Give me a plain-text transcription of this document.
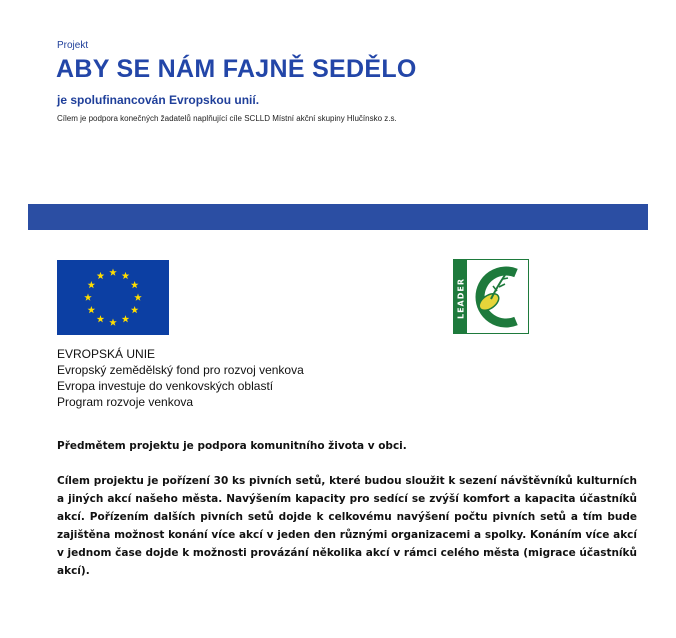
Projekt
ABY SE NÁM FAJNĚ SEDĚLO
je spolufinancován Evropskou unií.
Cílem je podpora konečných žadatelů naplňující cíle SCLLD Místní akční skupiny Hlučínsko z.s.
LEADER
EVROPSKÁ UNIE
Evropský zemědělský fond pro rozvoj venkova
Evropa investuje do venkovských oblastí
Program rozvoje venkova
Předmětem projektu je podpora komunitního života v obci.
Cílem projektu je pořízení 30 ks pivních setů, které budou sloužit k sezení návštěvníků kulturních a jiných akcí našeho města. Navýšením kapacity pro sedící se zvýší komfort a kapacita účastníků akcí. Pořízením dalších pivních setů dojde k celkovému navýšení počtu pivních setů a tím bude zajištěna možnost konání více akcí v jeden den různými organizacemi a spolky. Konáním více akcí v jednom čase dojde k možnosti provázání několika akcí v rámci celého města (migrace účastníků akcí).
